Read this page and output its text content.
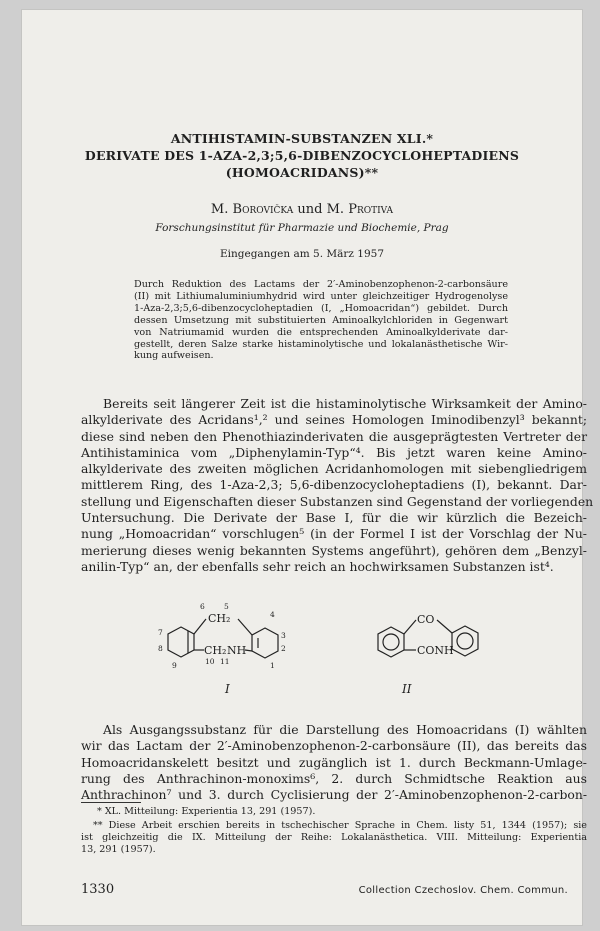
ANTIHISTAMIN-SUBSTANZEN XLI.*
DERIVATE DES 1-AZA-2,3;5,6-DIBENZOCYCLOHEPTADIENS
(HOMOACRIDANS)**
M. Borovička und M. Protiva
Forschungsinstitut für Pharmazie und Biochemie, Prag
Eingegangen am 5. März 1957
Durch Reduktion des Lactams der 2′-Aminobenzophenon-2-carbonsäure
(II) mit Lithiumaluminiumhydrid wird unter gleichzeitiger Hydrogenolyse
1-Aza-2,3;5,6-dibenzocycloheptadien (I, „Homoacridan“) gebildet. Durch
dessen Umsetzung mit substituierten Aminoalkylchloriden in Gegenwart
von Natriumamid wurden die entsprechenden Aminoalkylderivate dar-
gestellt, deren Salze starke histaminolytische und lokalanästhetische Wir-
kung aufweisen.
Bereits seit längerer Zeit ist die histaminolytische Wirksamkeit der Amino-
alkylderivate des Acridans¹,² und seines Homologen Iminodibenzyl³ bekannt;
diese sind neben den Phenothiazinderivaten die ausgeprägtesten Vertreter der
Antihistaminica vom „Diphenylamin-Typ“⁴. Bis jetzt waren keine Amino-
alkylderivate des zweiten möglichen Acridanhomologen mit siebengliedrigem
mittlerem Ring, des 1-Aza-2,3; 5,6-dibenzocycloheptadiens (I), bekannt. Dar-
stellung und Eigenschaften dieser Substanzen sind Gegenstand der vorliegenden
Untersuchung. Die Derivate der Base I, für die wir kürzlich die Bezeich-
nung „Homoacridan“ vorschlugen⁵ (in der Formel I ist der Vorschlag der Nu-
merierung dieses wenig bekannten Systems angeführt), gehören dem „Benzyl-
anilin-Typ“ an, der ebenfalls sehr reich an hochwirksamen Substanzen ist⁴.
CH₂
CH₂ NH
6	5
4
3
2
1
7
8
9	10 11
CO
CONH
I	II
Als Ausgangssubstanz für die Darstellung des Homoacridans (I) wählten
wir das Lactam der 2′-Aminobenzophenon-2-carbonsäure (II), das bereits das
Homoacridanskelett besitzt und zugänglich ist 1. durch Beckmann-Umlage-
rung des Anthrachinon-monoxims⁶, 2. durch Schmidtsche Reaktion aus
Anthrachinon⁷ und 3. durch Cyclisierung der 2′-Aminobenzophenon-2-carbon-
* XL. Mitteilung: Experientia 13, 291 (1957).
** Diese Arbeit erschien bereits in tschechischer Sprache in Chem. listy 51, 1344 (1957); sie
ist gleichzeitig die IX. Mitteilung der Reihe: Lokalanästhetica. VIII. Mitteilung: Experientia
13, 291 (1957).
1330	Collection Czechoslov. Chem. Commun.
